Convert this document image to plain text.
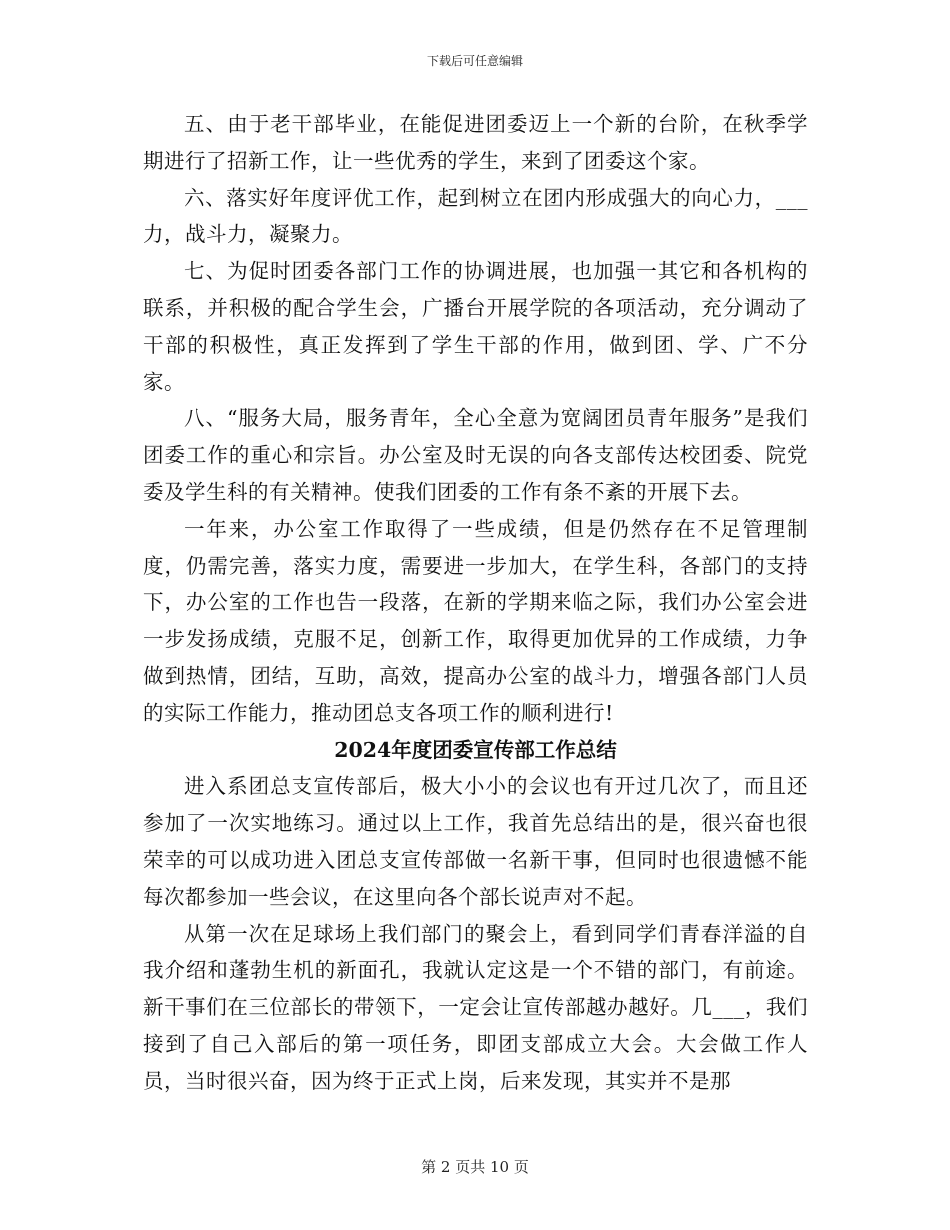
下载后可任意编辑

五、由于老干部毕业，在能促进团委迈上一个新的台阶，在秋季学期进行了招新工作，让一些优秀的学生，来到了团委这个家。

六、落实好年度评优工作，起到树立在团内形成强大的向心力，___力，战斗力，凝聚力。

七、为促时团委各部门工作的协调进展，也加强一其它和各机构的联系，并积极的配合学生会，广播台开展学院的各项活动，充分调动了干部的积极性，真正发挥到了学生干部的作用，做到团、学、广不分家。

八、“服务大局，服务青年，全心全意为宽阔团员青年服务”是我们团委工作的重心和宗旨。办公室及时无误的向各支部传达校团委、院党委及学生科的有关精神。使我们团委的工作有条不紊的开展下去。

一年来，办公室工作取得了一些成绩，但是仍然存在不足管理制度，仍需完善，落实力度，需要进一步加大，在学生科，各部门的支持下，办公室的工作也告一段落，在新的学期来临之际，我们办公室会进一步发扬成绩，克服不足，创新工作，取得更加优异的工作成绩，力争做到热情，团结，互助，高效，提高办公室的战斗力，增强各部门人员的实际工作能力，推动团总支各项工作的顺利进行!

2024年度团委宣传部工作总结

进入系团总支宣传部后，极大小小的会议也有开过几次了，而且还参加了一次实地练习。通过以上工作，我首先总结出的是，很兴奋也很荣幸的可以成功进入团总支宣传部做一名新干事，但同时也很遗憾不能每次都参加一些会议，在这里向各个部长说声对不起。

从第一次在足球场上我们部门的聚会上，看到同学们青春洋溢的自我介绍和蓬勃生机的新面孔，我就认定这是一个不错的部门，有前途。新干事们在三位部长的带领下，一定会让宣传部越办越好。几___，我们接到了自己入部后的第一项任务，即团支部成立大会。大会做工作人员，当时很兴奋，因为终于正式上岗，后来发现，其实并不是那

第 2 页共 10 页
